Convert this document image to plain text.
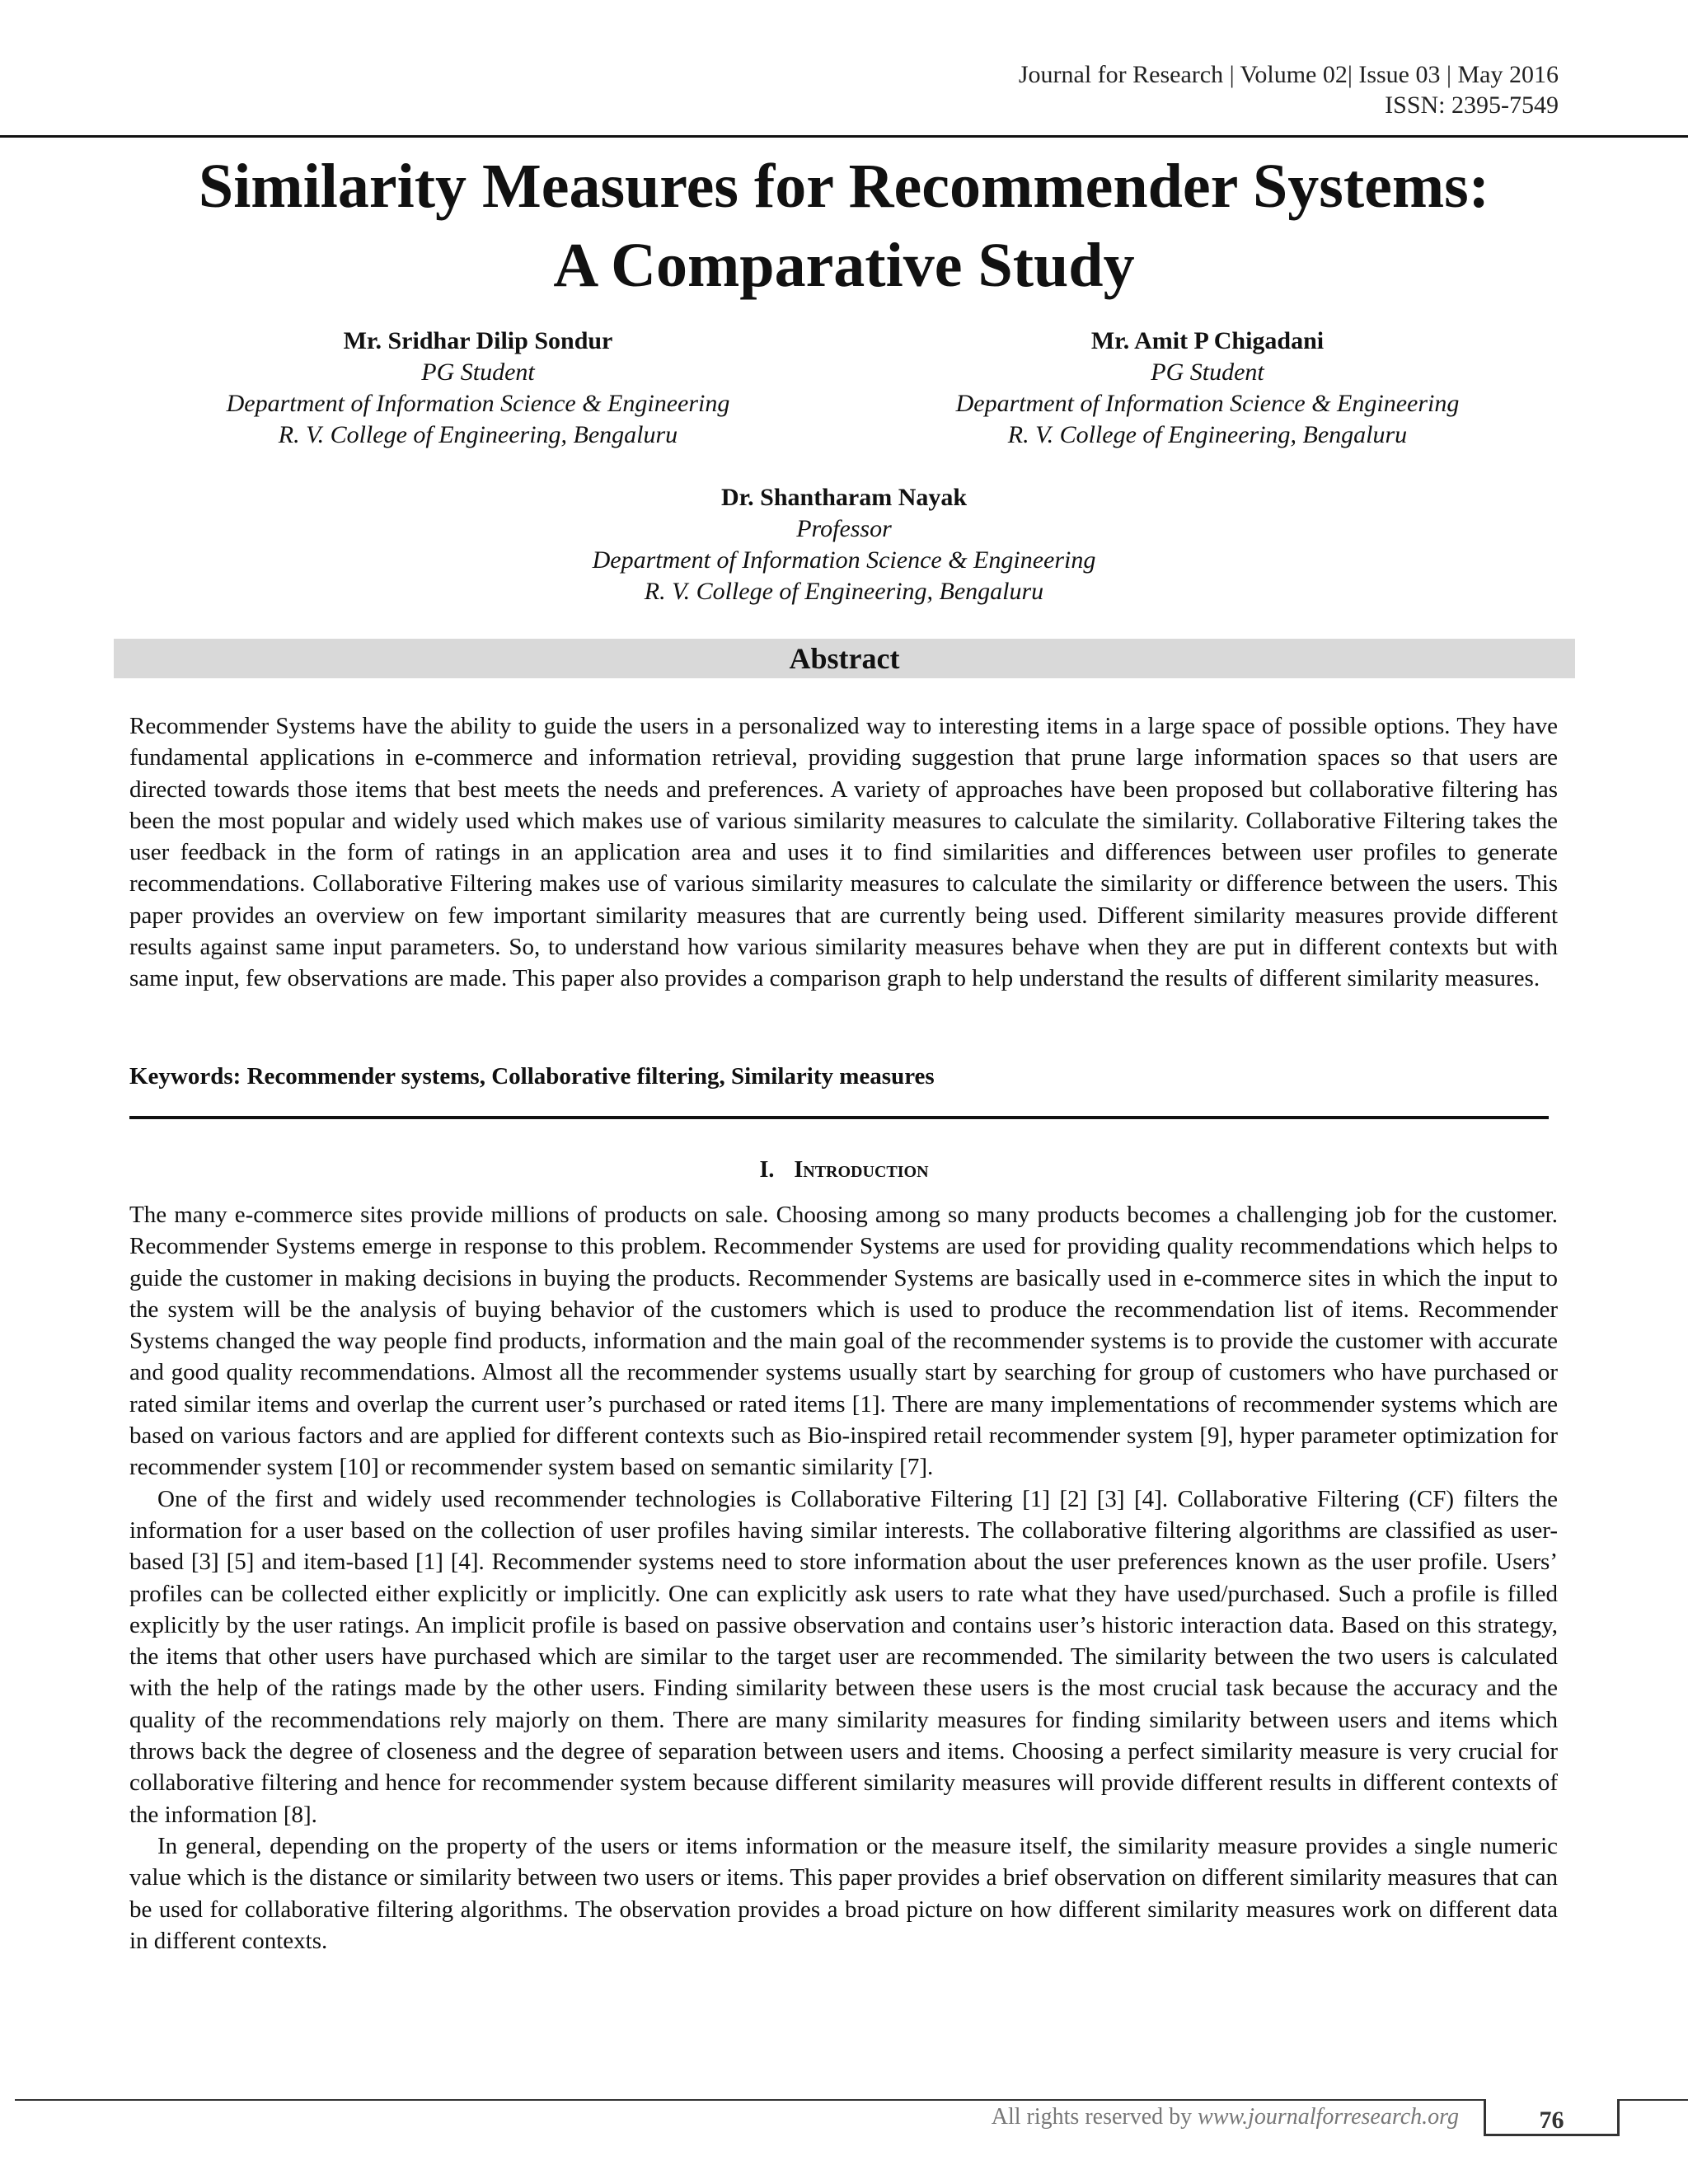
Journal for Research | Volume 02| Issue 03 | May 2016
ISSN: 2395-7549
Similarity Measures for Recommender Systems:
A Comparative Study
Mr. Sridhar Dilip Sondur
PG Student
Department of Information Science & Engineering
R. V. College of Engineering, Bengaluru
Mr. Amit P Chigadani
PG Student
Department of Information Science & Engineering
R. V. College of Engineering, Bengaluru
Dr. Shantharam Nayak
Professor
Department of Information Science & Engineering
R. V. College of Engineering, Bengaluru
Abstract

Recommender Systems have the ability to guide the users in a personalized way to interesting items in a large space of possible options. They have fundamental applications in e-commerce and information retrieval, providing suggestion that prune large information spaces so that users are directed towards those items that best meets the needs and preferences. A variety of approaches have been proposed but collaborative filtering has been the most popular and widely used which makes use of various similarity measures to calculate the similarity. Collaborative Filtering takes the user feedback in the form of ratings in an application area and uses it to find similarities and differences between user profiles to generate recommendations. Collaborative Filtering makes use of various similarity measures to calculate the similarity or difference between the users. This paper provides an overview on few important similarity measures that are currently being used. Different similarity measures provide different results against same input parameters. So, to understand how various similarity measures behave when they are put in different contexts but with same input, few observations are made. This paper also provides a comparison graph to help understand the results of different similarity measures.

Keywords: Recommender systems, Collaborative filtering, Similarity measures
I. Introduction

The many e-commerce sites provide millions of products on sale. Choosing among so many products becomes a challenging job for the customer. Recommender Systems emerge in response to this problem. Recommender Systems are used for providing quality recommendations which helps to guide the customer in making decisions in buying the products. Recommender Systems are basically used in e-commerce sites in which the input to the system will be the analysis of buying behavior of the customers which is used to produce the recommendation list of items. Recommender Systems changed the way people find products, information and the main goal of the recommender systems is to provide the customer with accurate and good quality recommendations. Almost all the recommender systems usually start by searching for group of customers who have purchased or rated similar items and overlap the current user’s purchased or rated items [1]. There are many implementations of recommender systems which are based on various factors and are applied for different contexts such as Bio-inspired retail recommender system [9], hyper parameter optimization for recommender system [10] or recommender system based on semantic similarity [7].

One of the first and widely used recommender technologies is Collaborative Filtering [1] [2] [3] [4]. Collaborative Filtering (CF) filters the information for a user based on the collection of user profiles having similar interests. The collaborative filtering algorithms are classified as user-based [3] [5] and item-based [1] [4]. Recommender systems need to store information about the user preferences known as the user profile. Users’ profiles can be collected either explicitly or implicitly. One can explicitly ask users to rate what they have used/purchased. Such a profile is filled explicitly by the user ratings. An implicit profile is based on passive observation and contains user’s historic interaction data. Based on this strategy, the items that other users have purchased which are similar to the target user are recommended. The similarity between the two users is calculated with the help of the ratings made by the other users. Finding similarity between these users is the most crucial task because the accuracy and the quality of the recommendations rely majorly on them. There are many similarity measures for finding similarity between users and items which throws back the degree of closeness and the degree of separation between users and items. Choosing a perfect similarity measure is very crucial for collaborative filtering and hence for recommender system because different similarity measures will provide different results in different contexts of the information [8].

In general, depending on the property of the users or items information or the measure itself, the similarity measure provides a single numeric value which is the distance or similarity between two users or items. This paper provides a brief observation on different similarity measures that can be used for collaborative filtering algorithms. The observation provides a broad picture on how different similarity measures work on different data in different contexts.

All rights reserved by www.journalforresearch.org	76
